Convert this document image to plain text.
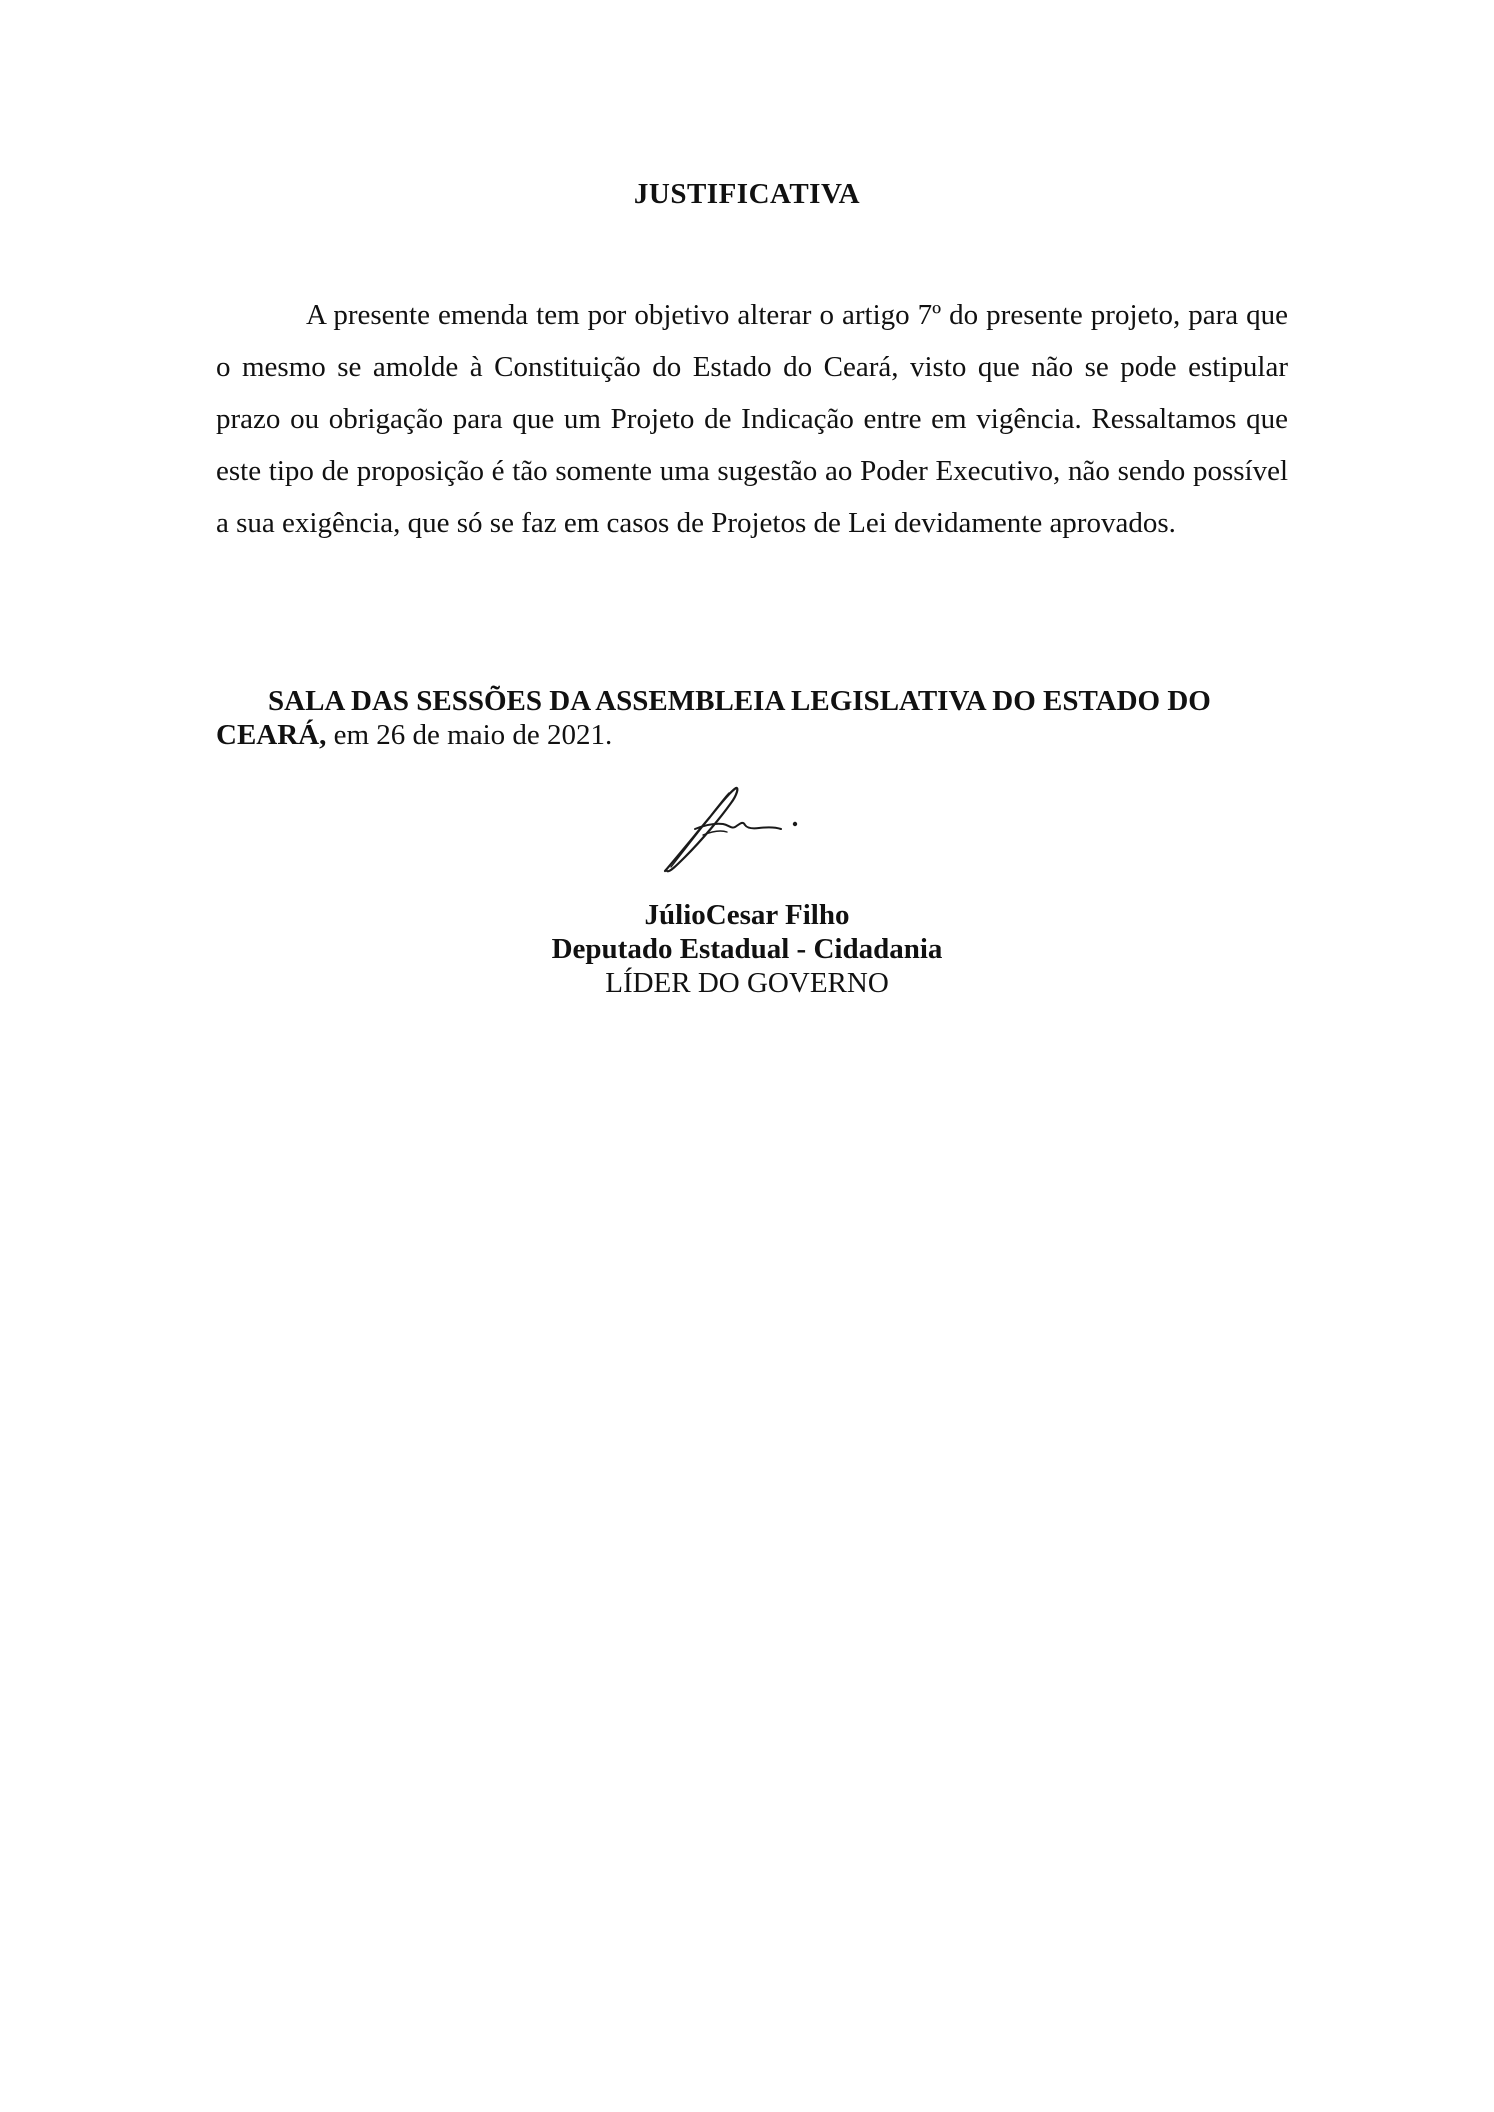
JUSTIFICATIVA

A presente emenda tem por objetivo alterar o artigo 7º do presente projeto, para que o mesmo se amolde à Constituição do Estado do Ceará, visto que não se pode estipular prazo ou obrigação para que um Projeto de Indicação entre em vigência. Ressaltamos que este tipo de proposição é tão somente uma sugestão ao Poder Executivo, não sendo possível a sua exigência, que só se faz em casos de Projetos de Lei devidamente aprovados.

SALA DAS SESSÕES DA ASSEMBLEIA LEGISLATIVA DO ESTADO DO CEARÁ, em 26 de maio de 2021.

JúlioCesar Filho
Deputado Estadual - Cidadania
LÍDER DO GOVERNO
